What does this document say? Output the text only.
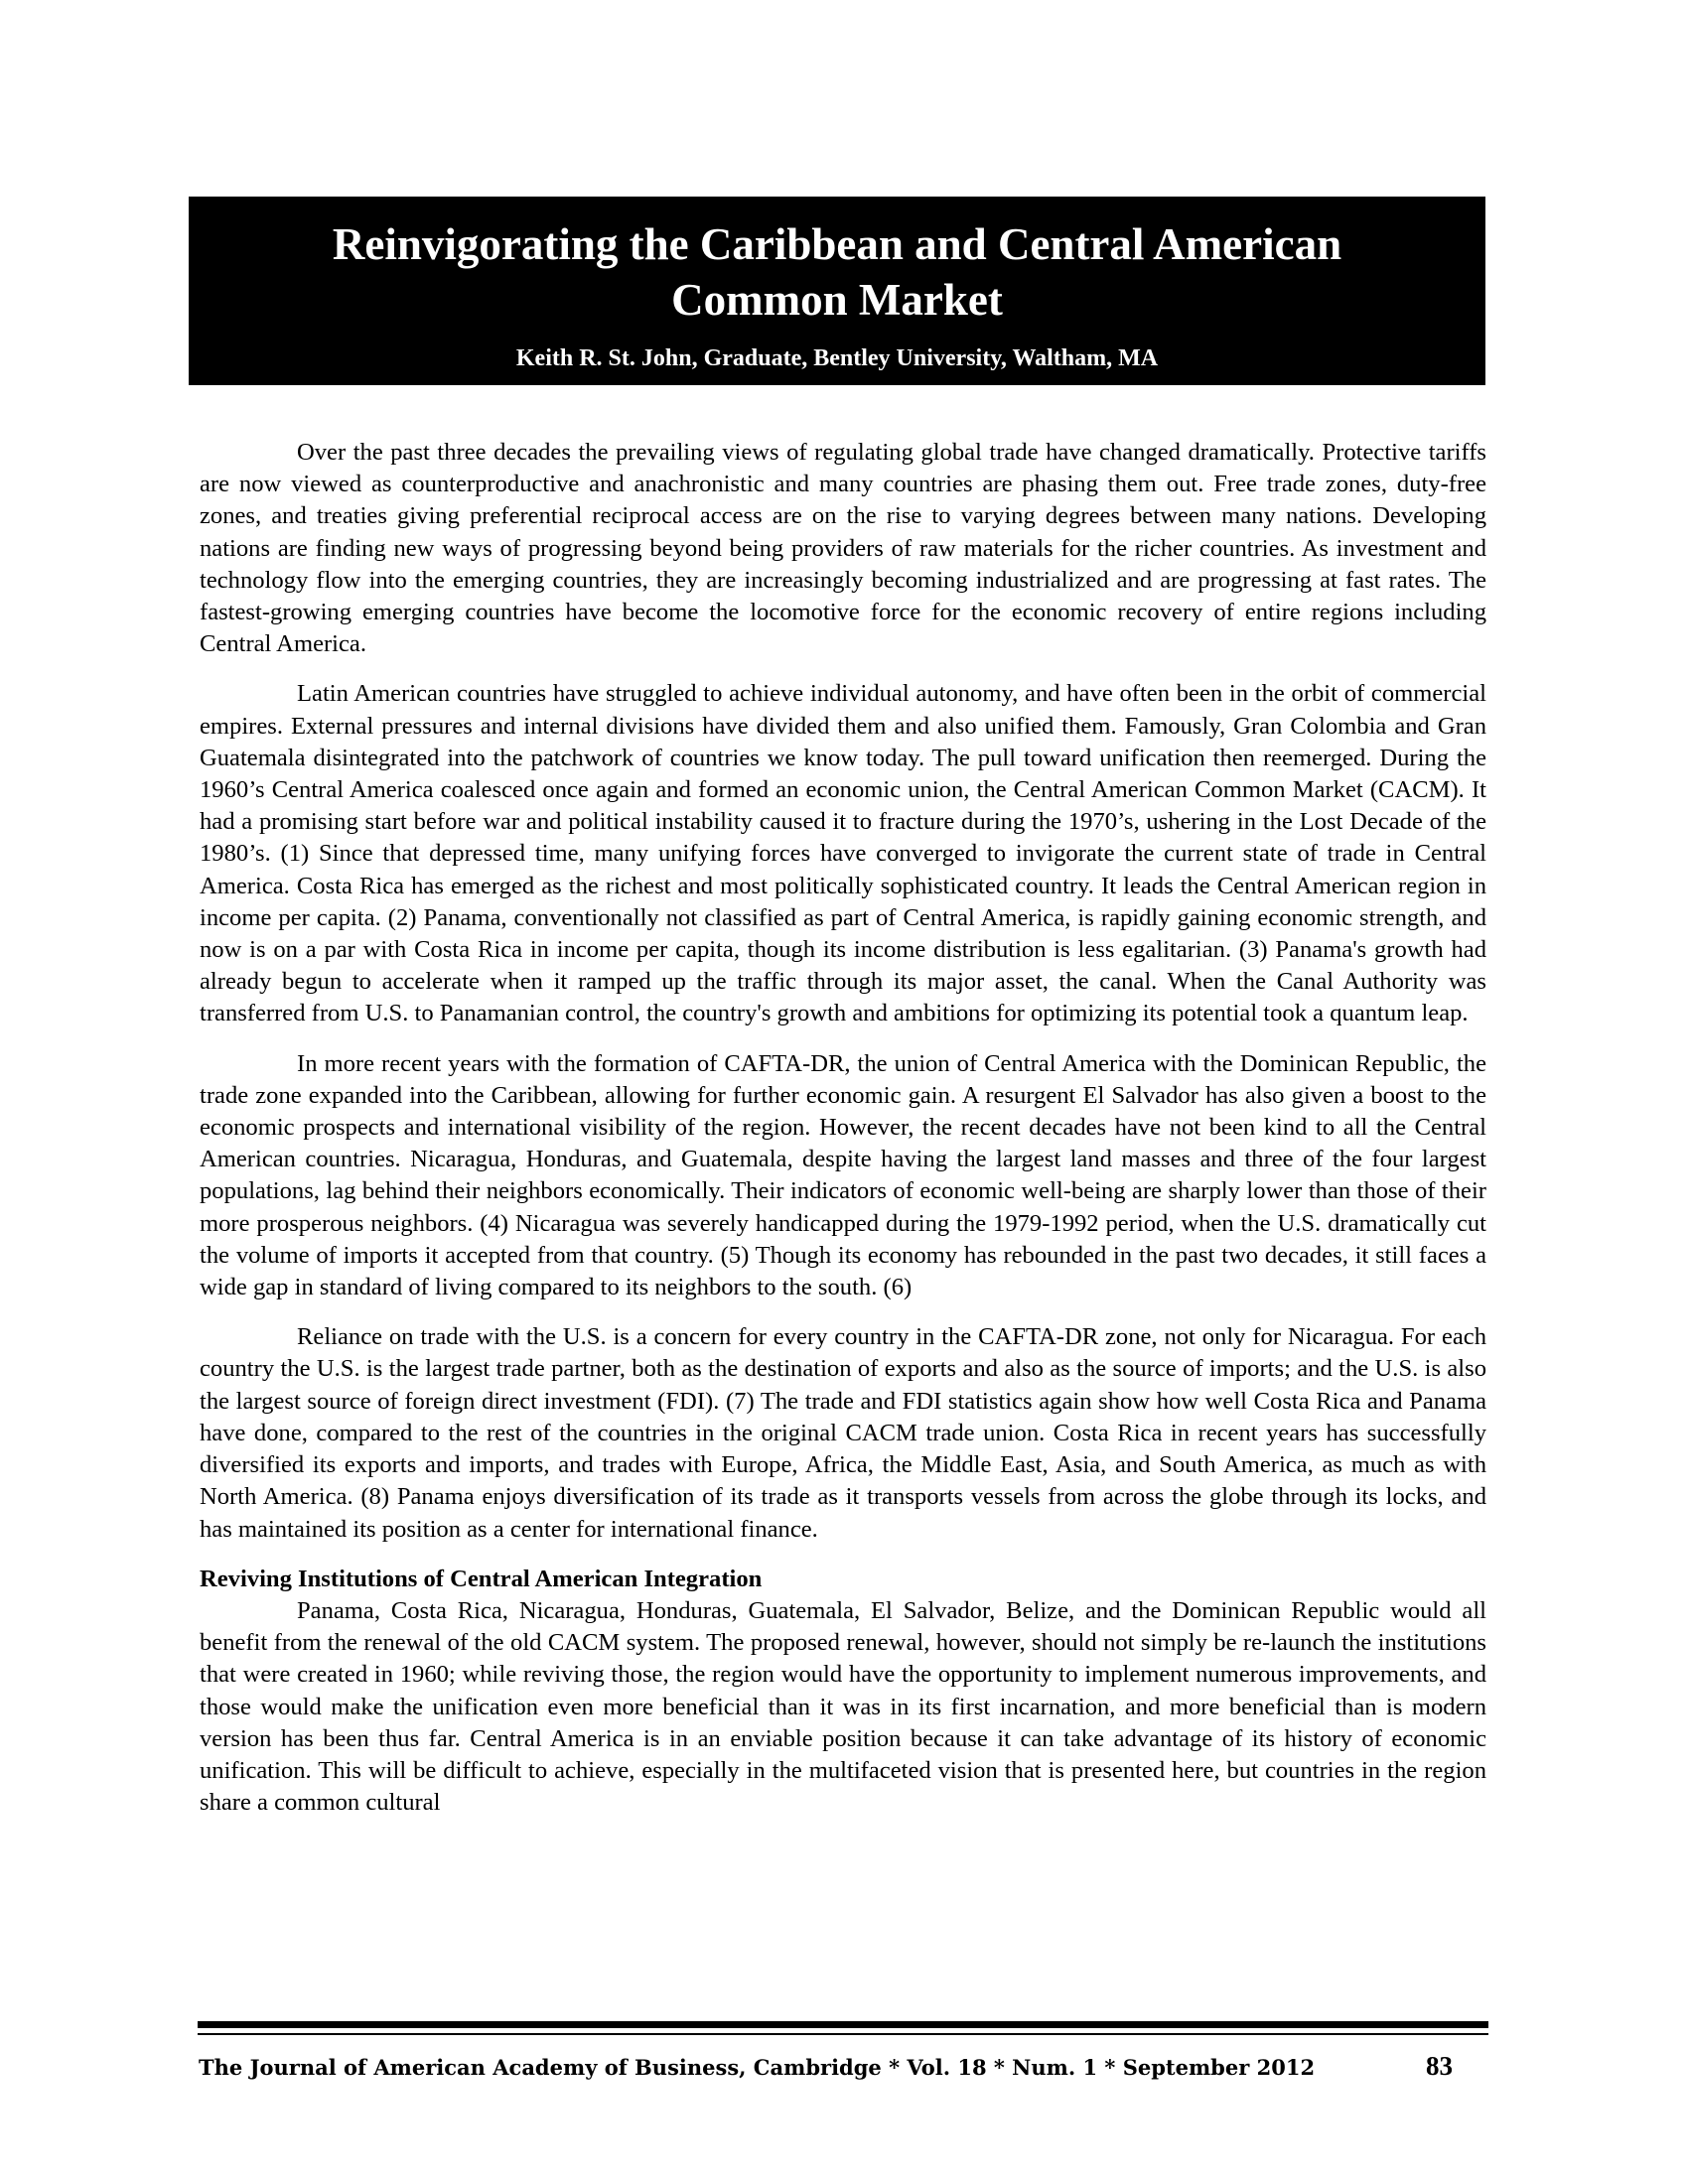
Reinvigorating the Caribbean and Central American Common Market
Keith R. St. John, Graduate, Bentley University, Waltham, MA

Over the past three decades the prevailing views of regulating global trade have changed dramatically. Protective tariffs are now viewed as counterproductive and anachronistic and many countries are phasing them out. Free trade zones, duty-free zones, and treaties giving preferential reciprocal access are on the rise to varying degrees between many nations. Developing nations are finding new ways of progressing beyond being providers of raw materials for the richer countries. As investment and technology flow into the emerging countries, they are increasingly becoming industrialized and are progressing at fast rates. The fastest-growing emerging countries have become the locomotive force for the economic recovery of entire regions including Central America.

Latin American countries have struggled to achieve individual autonomy, and have often been in the orbit of commercial empires. External pressures and internal divisions have divided them and also unified them. Famously, Gran Colombia and Gran Guatemala disintegrated into the patchwork of countries we know today. The pull toward unification then reemerged. During the 1960’s Central America coalesced once again and formed an economic union, the Central American Common Market (CACM). It had a promising start before war and political instability caused it to fracture during the 1970’s, ushering in the Lost Decade of the 1980’s. (1) Since that depressed time, many unifying forces have converged to invigorate the current state of trade in Central America. Costa Rica has emerged as the richest and most politically sophisticated country. It leads the Central American region in income per capita. (2) Panama, conventionally not classified as part of Central America, is rapidly gaining economic strength, and now is on a par with Costa Rica in income per capita, though its income distribution is less egalitarian. (3) Panama's growth had already begun to accelerate when it ramped up the traffic through its major asset, the canal. When the Canal Authority was transferred from U.S. to Panamanian control, the country's growth and ambitions for optimizing its potential took a quantum leap.

In more recent years with the formation of CAFTA-DR, the union of Central America with the Dominican Republic, the trade zone expanded into the Caribbean, allowing for further economic gain. A resurgent El Salvador has also given a boost to the economic prospects and international visibility of the region. However, the recent decades have not been kind to all the Central American countries. Nicaragua, Honduras, and Guatemala, despite having the largest land masses and three of the four largest populations, lag behind their neighbors economically. Their indicators of economic well-being are sharply lower than those of their more prosperous neighbors. (4) Nicaragua was severely handicapped during the 1979-1992 period, when the U.S. dramatically cut the volume of imports it accepted from that country. (5) Though its economy has rebounded in the past two decades, it still faces a wide gap in standard of living compared to its neighbors to the south. (6)

Reliance on trade with the U.S. is a concern for every country in the CAFTA-DR zone, not only for Nicaragua. For each country the U.S. is the largest trade partner, both as the destination of exports and also as the source of imports; and the U.S. is also the largest source of foreign direct investment (FDI). (7) The trade and FDI statistics again show how well Costa Rica and Panama have done, compared to the rest of the countries in the original CACM trade union. Costa Rica in recent years has successfully diversified its exports and imports, and trades with Europe, Africa, the Middle East, Asia, and South America, as much as with North America. (8) Panama enjoys diversification of its trade as it transports vessels from across the globe through its locks, and has maintained its position as a center for international finance.

Reviving Institutions of Central American Integration

Panama, Costa Rica, Nicaragua, Honduras, Guatemala, El Salvador, Belize, and the Dominican Republic would all benefit from the renewal of the old CACM system. The proposed renewal, however, should not simply be re-launch the institutions that were created in 1960; while reviving those, the region would have the opportunity to implement numerous improvements, and those would make the unification even more beneficial than it was in its first incarnation, and more beneficial than is modern version has been thus far. Central America is in an enviable position because it can take advantage of its history of economic unification. This will be difficult to achieve, especially in the multifaceted vision that is presented here, but countries in the region share a common cultural

The Journal of American Academy of Business, Cambridge * Vol. 18 * Num. 1 * September 2012	83
